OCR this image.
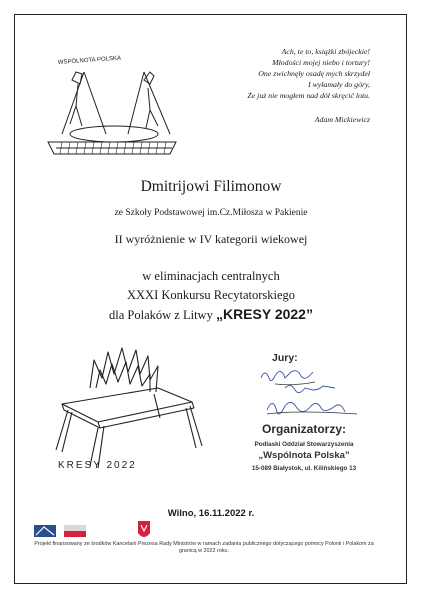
WSPÓLNOTA POLSKA
Ach, te to, książki zbójeckie!
Młodości mojej niebo i tortury!
One zwichnęły osadę mych skrzydeł
I wyłamały do góry,
Że już nie mogłem nad dół skręcić lotu.
Adam Mickiewicz
Dmitrijowi Filimonow
ze Szkoły Podstawowej im.Cz.Miłosza w Pakienie
II wyróżnienie w IV kategorii wiekowej
w eliminacjach centralnych
XXXI Konkursu Recytatorskiego
dla Polaków z Litwy „KRESY 2022”
KRESY 2022
Jury:
Organizatorzy:
Podlaski Oddział Stowarzyszenia
„Wspólnota Polska”
15-089 Białystok, ul. Kilińskiego 13
Wilno, 16.11.2022 r.
Projekt finansowany ze środków Kancelarii Prezesa Rady Ministrów w ramach zadania publicznego dotyczącego pomocy Polonii i Polakom za granicą w 2022 roku.
